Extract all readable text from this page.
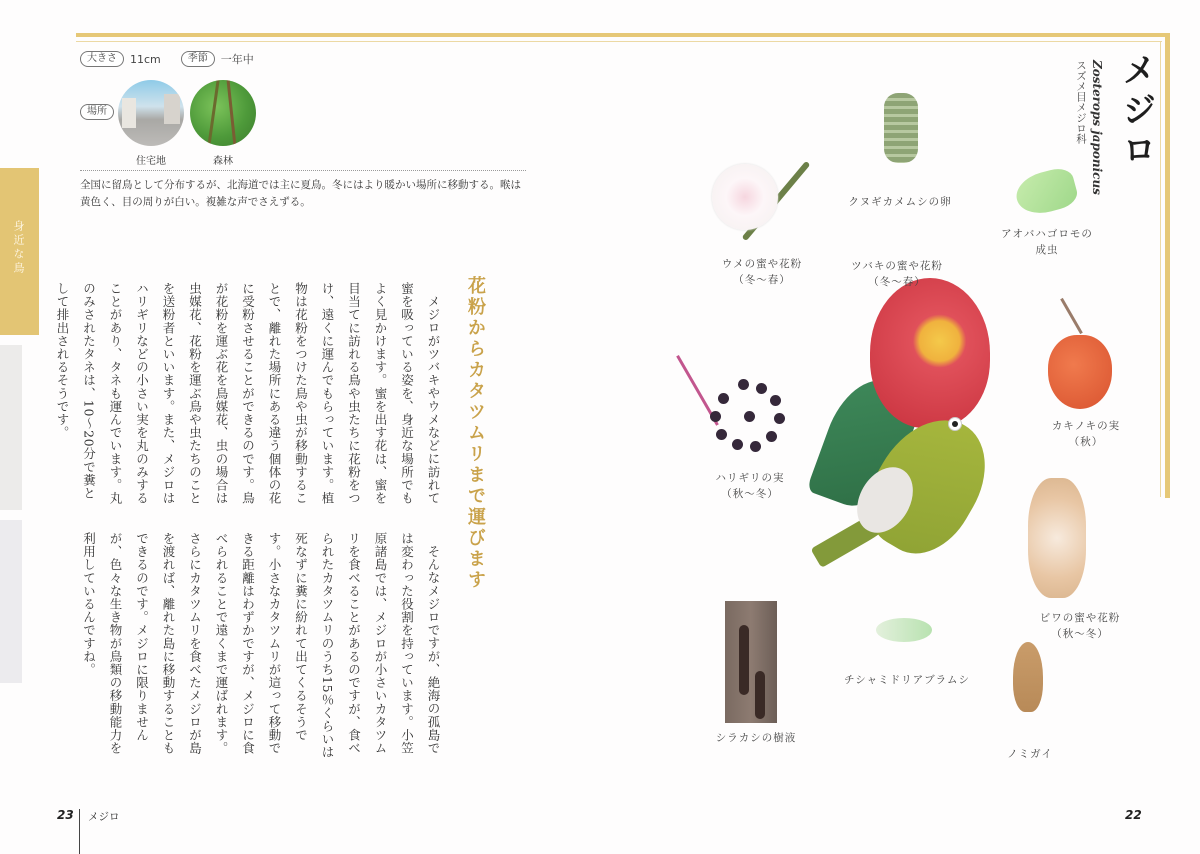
身近な鳥
大きさ	11cm	季節	一年中
場所
住宅地	森林
全国に留鳥として分布するが、北海道では主に夏鳥。冬にはより暖かい場所に移動する。喉は黄色く、目の周りが白い。複雑な声でさえずる。
花粉からカタツムリまで運びます
メジロがツバキやウメなどに訪れて蜜を吸っている姿を、身近な場所でもよく見かけます。蜜を出す花は、蜜を目当てに訪れる鳥や虫たちに花粉をつけ、遠くに運んでもらっています。植物は花粉をつけた鳥や虫が移動することで、離れた場所にある違う個体の花に受粉させることができるのです。鳥が花粉を運ぶ花を鳥媒花、虫の場合は虫媒花、花粉を運ぶ鳥や虫たちのことを送粉者といいます。また、メジロはハリギリなどの小さい実を丸のみすることがあり、タネも運んでいます。丸のみされたタネは、10～20分で糞として排出されるそうです。
そんなメジロですが、絶海の孤島では変わった役割を持っています。小笠原諸島では、メジロが小さいカタツムリを食べることがあるのですが、食べられたカタツムリのうち15％くらいは死なずに糞に紛れて出てくるそうです。小さなカタツムリが這って移動できる距離はわずかですが、メジロに食べられることで遠くまで運ばれます。さらにカタツムリを食べたメジロが島を渡れば、離れた島に移動することもできるのです。メジロに限りませんが、色々な生き物が鳥類の移動能力を利用しているんですね。
メジロ
Zosterops japonicus
スズメ目メジロ科
ウメの蜜や花粉
（冬～春）
クヌギカメムシの卵
アオバハゴロモの
成虫
ツバキの蜜や花粉
（冬～春）
カキノキの実
（秋）
ハリギリの実
（秋～冬）
ビワの蜜や花粉
（秋～冬）
チシャミドリアブラムシ
シラカシの樹液
ノミガイ
23 メジロ	22
